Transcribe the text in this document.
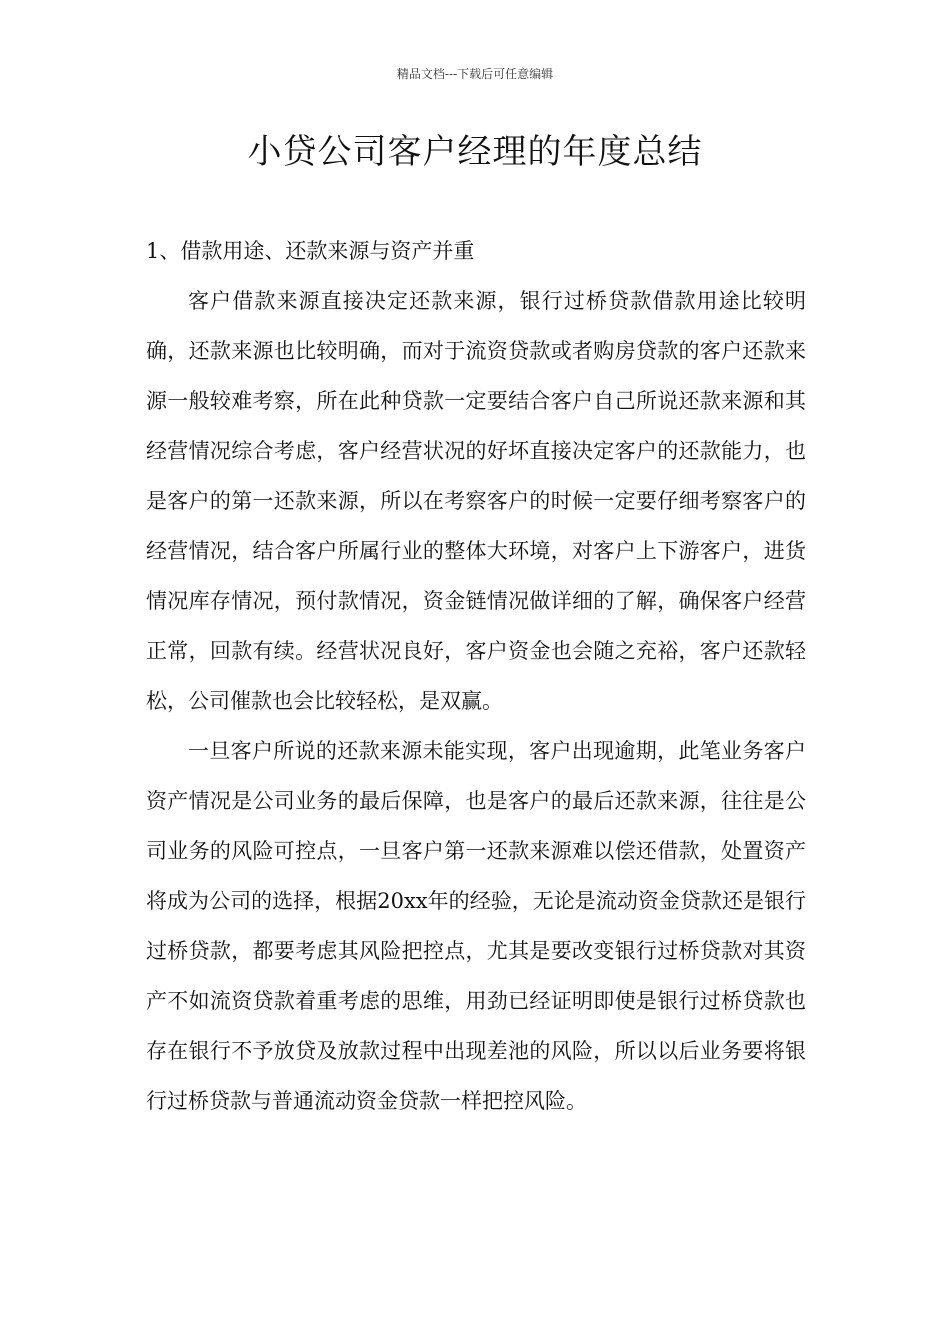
精品文档---下载后可任意编辑
小贷公司客户经理的年度总结

1、借款用途、还款来源与资产并重

客户借款来源直接决定还款来源，银行过桥贷款借款用途比较明确，还款来源也比较明确，而对于流资贷款或者购房贷款的客户还款来源一般较难考察，所在此种贷款一定要结合客户自己所说还款来源和其经营情况综合考虑，客户经营状况的好坏直接决定客户的还款能力，也是客户的第一还款来源，所以在考察客户的时候一定要仔细考察客户的经营情况，结合客户所属行业的整体大环境，对客户上下游客户，进货情况库存情况，预付款情况，资金链情况做详细的了解，确保客户经营正常，回款有续。经营状况良好，客户资金也会随之充裕，客户还款轻松，公司催款也会比较轻松，是双赢。

一旦客户所说的还款来源未能实现，客户出现逾期，此笔业务客户资产情况是公司业务的最后保障，也是客户的最后还款来源，往往是公司业务的风险可控点，一旦客户第一还款来源难以偿还借款，处置资产将成为公司的选择，根据20xx年的经验，无论是流动资金贷款还是银行过桥贷款，都要考虑其风险把控点，尤其是要改变银行过桥贷款对其资产不如流资贷款着重考虑的思维，用劲已经证明即使是银行过桥贷款也存在银行不予放贷及放款过程中出现差池的风险，所以以后业务要将银行过桥贷款与普通流动资金贷款一样把控风险。
